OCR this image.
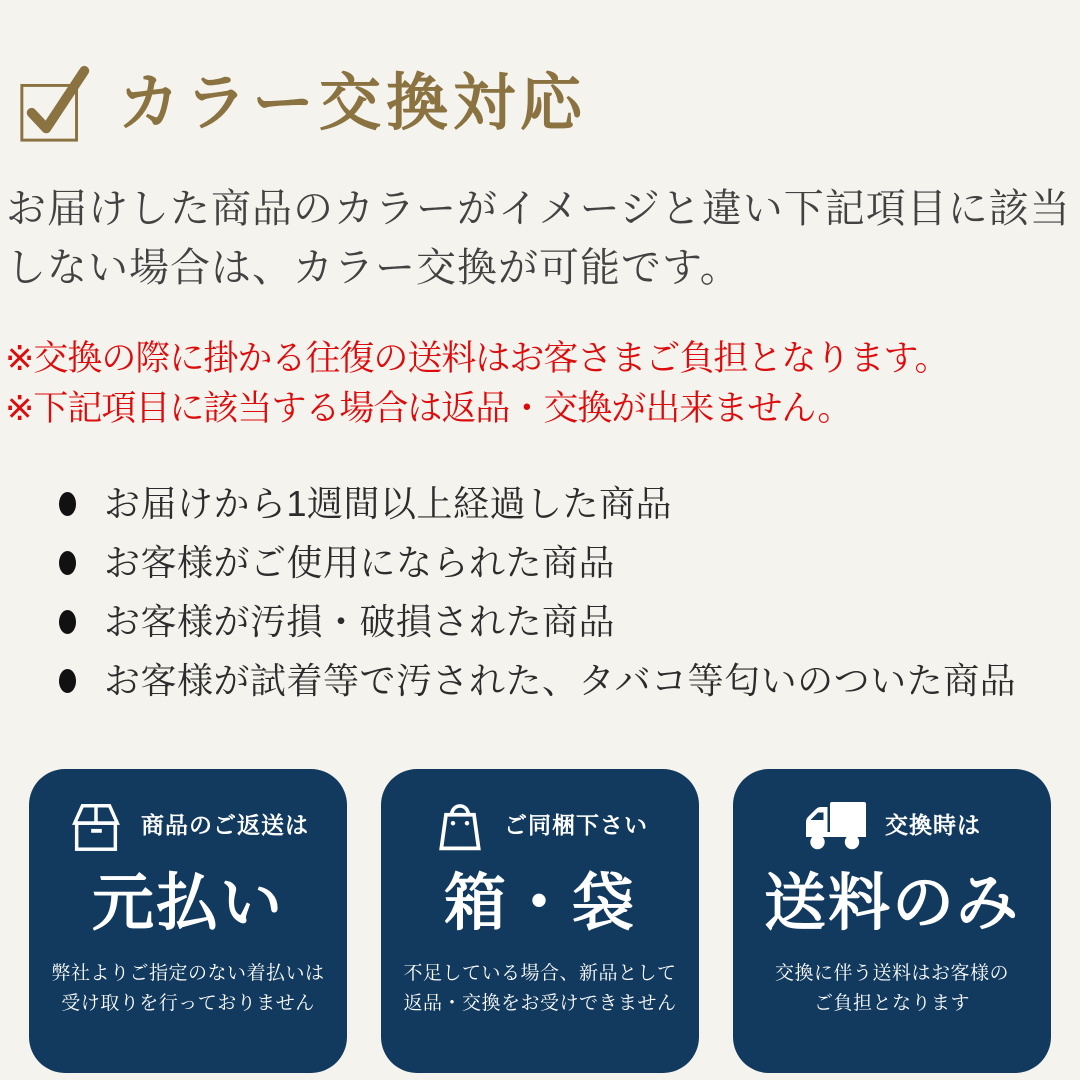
カラー交換対応
お届けした商品のカラーがイメージと違い下記項目に該当
しない場合は、カラー交換が可能です。
※交換の際に掛かる往復の送料はお客さまご負担となります。
※下記項目に該当する場合は返品・交換が出来ません。
お届けから1週間以上経過した商品
お客様がご使用になられた商品
お客様が汚損・破損された商品
お客様が試着等で汚された、タバコ等匂いのついた商品
商品のご返送は
元払い
弊社よりご指定のない着払いは
受け取りを行っておりません
ご同梱下さい
箱・袋
不足している場合、新品として
返品・交換をお受けできません
交換時は
送料のみ
交換に伴う送料はお客様の
ご負担となります
